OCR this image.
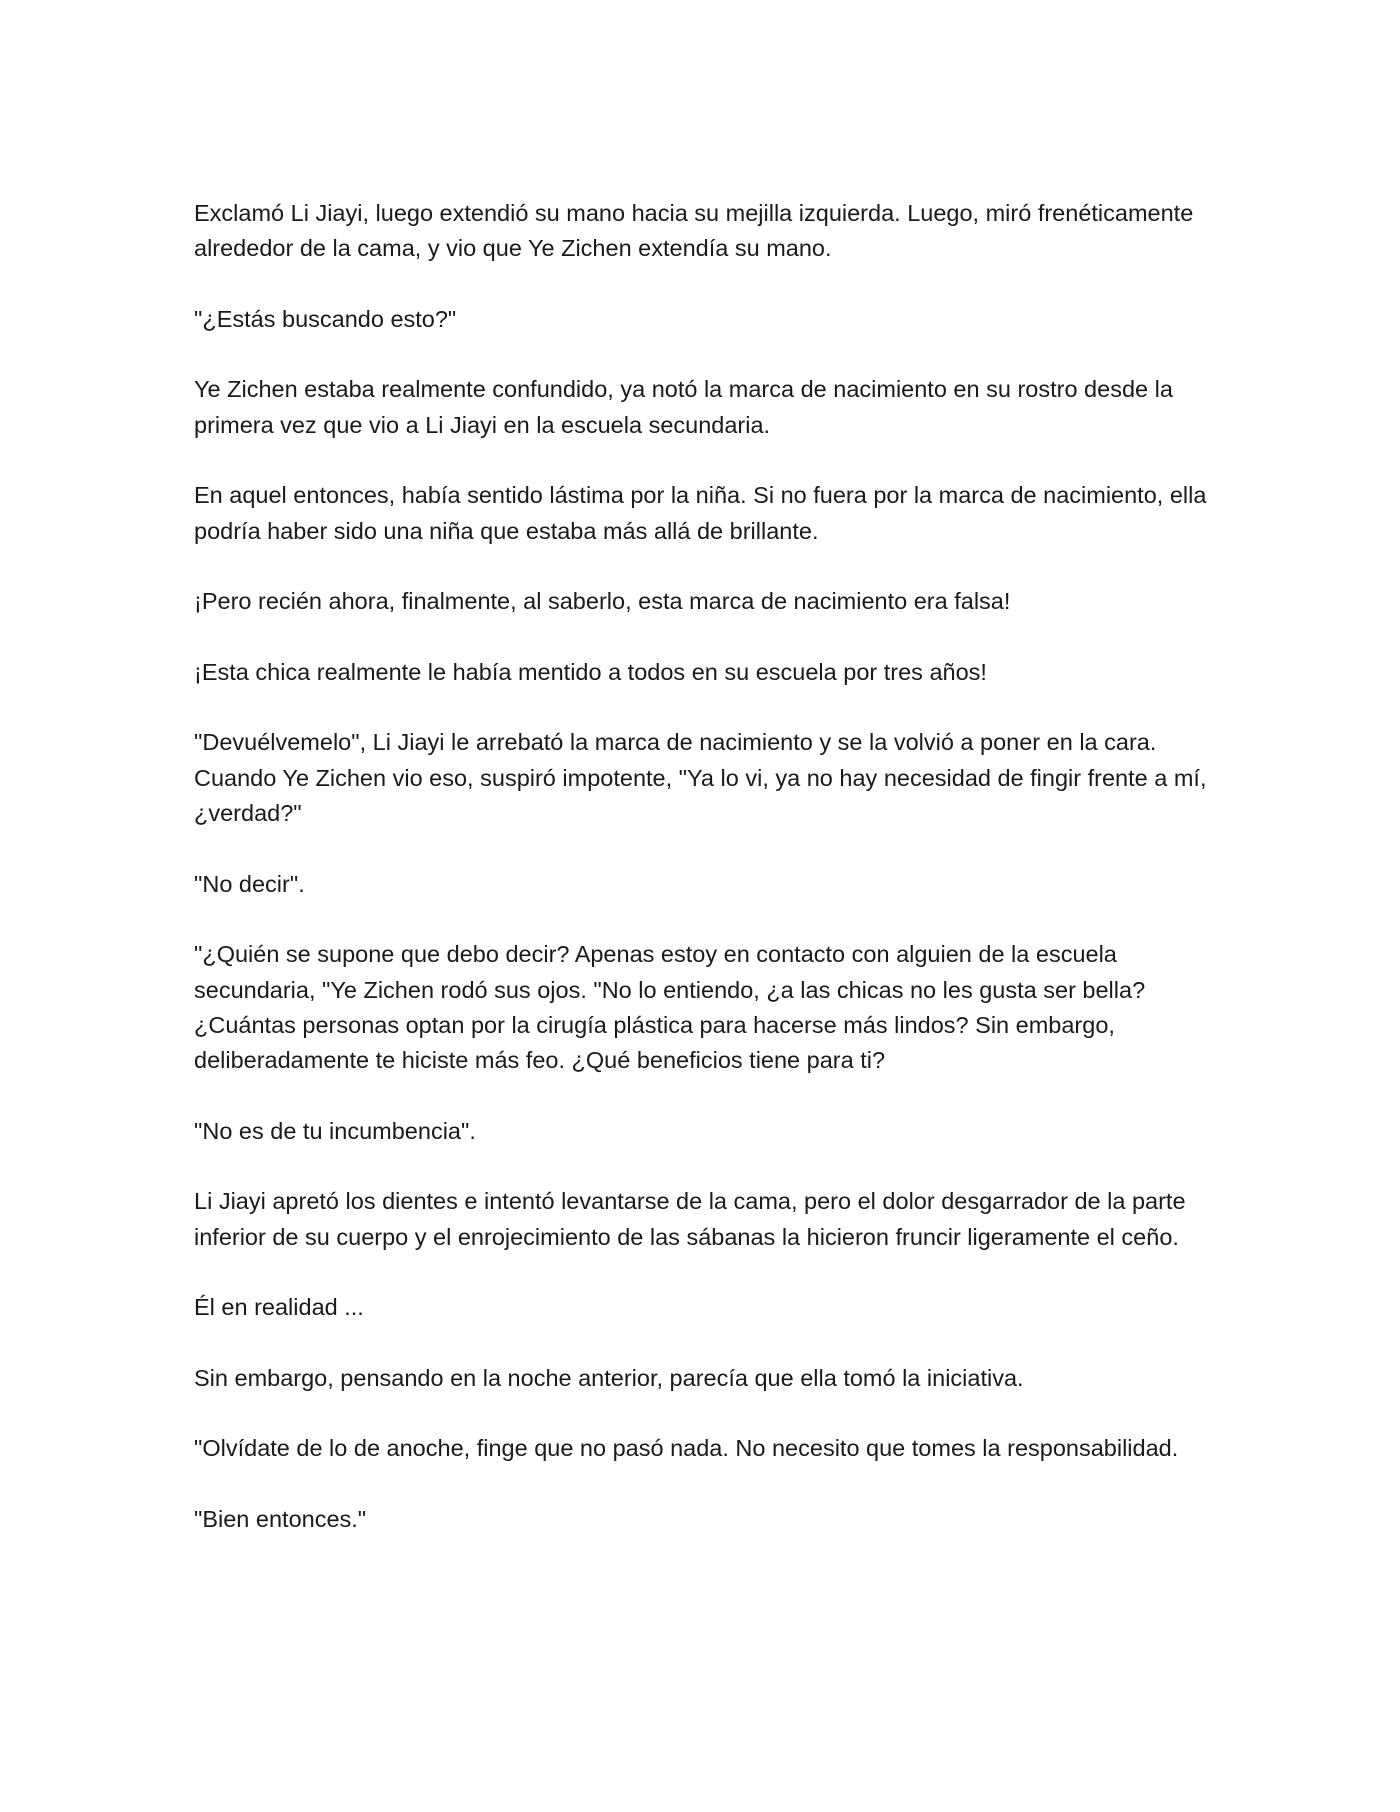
Exclamó Li Jiayi, luego extendió su mano hacia su mejilla izquierda. Luego, miró frenéticamente alrededor de la cama, y vio que Ye Zichen extendía su mano.

"¿Estás buscando esto?"

Ye Zichen estaba realmente confundido, ya notó la marca de nacimiento en su rostro desde la primera vez que vio a Li Jiayi en la escuela secundaria.

En aquel entonces, había sentido lástima por la niña. Si no fuera por la marca de nacimiento, ella podría haber sido una niña que estaba más allá de brillante.

¡Pero recién ahora, finalmente, al saberlo, esta marca de nacimiento era falsa!

¡Esta chica realmente le había mentido a todos en su escuela por tres años!

"Devuélvemelo", Li Jiayi le arrebató la marca de nacimiento y se la volvió a poner en la cara. Cuando Ye Zichen vio eso, suspiró impotente, "Ya lo vi, ya no hay necesidad de fingir frente a mí, ¿verdad?"

"No decir".

"¿Quién se supone que debo decir? Apenas estoy en contacto con alguien de la escuela secundaria, "Ye Zichen rodó sus ojos. "No lo entiendo, ¿a las chicas no les gusta ser bella? ¿Cuántas personas optan por la cirugía plástica para hacerse más lindos? Sin embargo, deliberadamente te hiciste más feo. ¿Qué beneficios tiene para ti?

"No es de tu incumbencia".

Li Jiayi apretó los dientes e intentó levantarse de la cama, pero el dolor desgarrador de la parte inferior de su cuerpo y el enrojecimiento de las sábanas la hicieron fruncir ligeramente el ceño.

Él en realidad ...

Sin embargo, pensando en la noche anterior, parecía que ella tomó la iniciativa.

"Olvídate de lo de anoche, finge que no pasó nada. No necesito que tomes la responsabilidad.

"Bien entonces."
